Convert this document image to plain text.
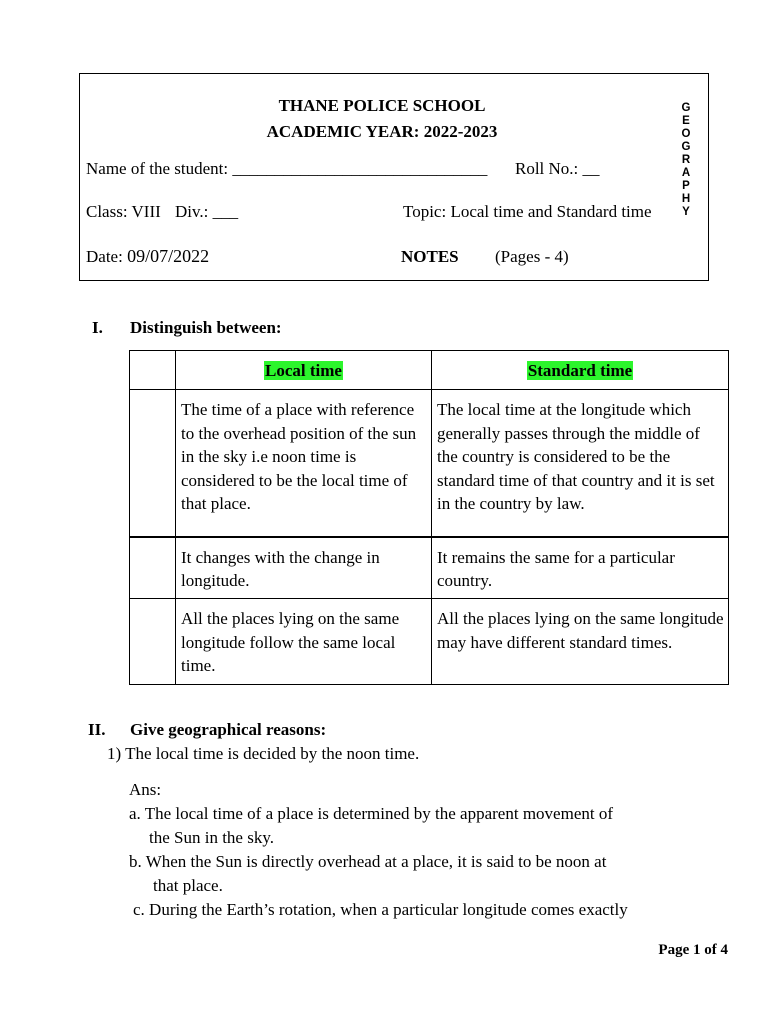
THANE POLICE SCHOOL
ACADEMIC YEAR: 2022-2023
Name of the student: ______________________________ Roll No.: __
Class: VIII Div.: ___	Topic: Local time and Standard time
Date: 09/07/2022	NOTES (Pages - 4)
G
E
O
G
R
A
P
H
Y
I. Distinguish between:
	Local time	Standard time
	The time of a place with reference to the overhead position of the sun in the sky i.e noon time is considered to be the local time of that place.	The local time at the longitude which generally passes through the middle of the country is considered to be the standard time of that country and it is set in the country by law.
	It changes with the change in longitude.	It remains the same for a particular country.
	All the places lying on the same longitude follow the same local time.	All the places lying on the same longitude may have different standard times.
II. Give geographical reasons:
1) The local time is decided by the noon time.
Ans:
a. The local time of a place is determined by the apparent movement of
the Sun in the sky.
b. When the Sun is directly overhead at a place, it is said to be noon at
that place.
c. During the Earth’s rotation, when a particular longitude comes exactly
Page 1 of 4
